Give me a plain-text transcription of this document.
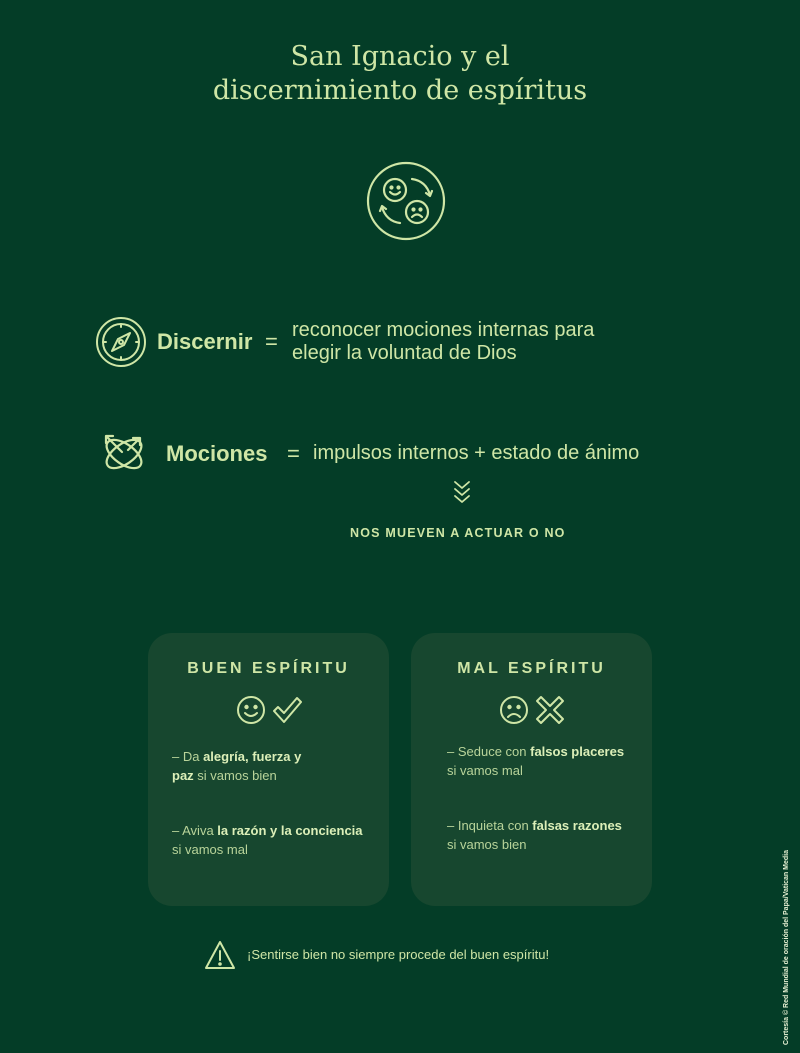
San Ignacio y el
discernimiento de espíritus
Discernir = reconocer mociones internas para
elegir la voluntad de Dios
Mociones = impulsos internos + estado de ánimo
NOS MUEVEN A ACTUAR O NO
BUEN ESPÍRITU
– Da alegría, fuerza y
paz si vamos bien
– Aviva la razón y la conciencia
si vamos mal
MAL ESPÍRITU
– Seduce con falsos placeres
si vamos mal
– Inquieta con falsas razones
si vamos bien
¡Sentirse bien no siempre procede del buen espíritu!	Cortesía © Red Mundial de oración del Papa/Vatican Media
